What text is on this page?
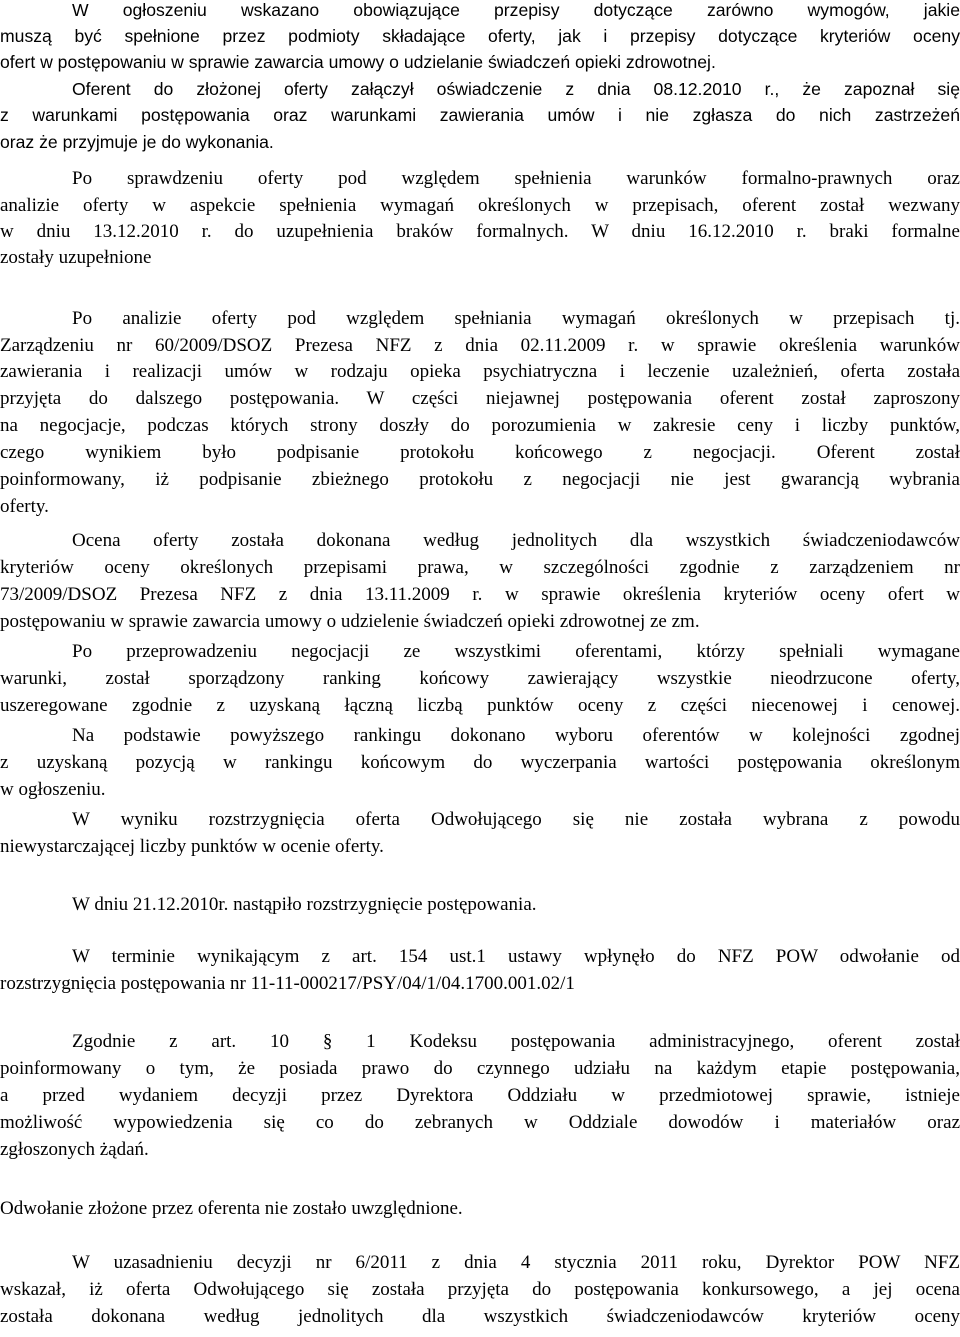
W ogłoszeniu wskazano obowiązujące przepisy dotyczące zarówno wymogów, jakie

muszą być spełnione przez podmioty składające oferty, jak i przepisy dotyczące kryteriów oceny

ofert w postępowaniu w sprawie zawarcia umowy o udzielanie świadczeń opieki zdrowotnej.

Oferent do złożonej oferty załączył oświadczenie z dnia 08.12.2010 r., że zapoznał się

z warunkami postępowania oraz warunkami zawierania umów i nie zgłasza do nich zastrzeżeń

oraz że przyjmuje je do wykonania.

Po sprawdzeniu oferty pod względem spełnienia warunków formalno-prawnych oraz

analizie oferty w aspekcie spełnienia wymagań określonych w przepisach, oferent został wezwany

w dniu 13.12.2010 r. do uzupełnienia braków formalnych. W dniu 16.12.2010 r. braki formalne

zostały uzupełnione

Po analizie oferty pod względem spełniania wymagań określonych w przepisach tj.

Zarządzeniu nr 60/2009/DSOZ Prezesa NFZ z dnia 02.11.2009 r. w sprawie określenia warunków

zawierania i realizacji umów w rodzaju opieka psychiatryczna i leczenie uzależnień, oferta została

przyjęta do dalszego postępowania. W części niejawnej postępowania oferent został zaproszony

na negocjacje, podczas których strony doszły do porozumienia w zakresie ceny i liczby punktów,

czego wynikiem było podpisanie protokołu końcowego z negocjacji. Oferent został

poinformowany, iż podpisanie zbieżnego protokołu z negocjacji nie jest gwarancją wybrania

oferty.

Ocena oferty została dokonana według jednolitych dla wszystkich świadczeniodawców

kryteriów oceny określonych przepisami prawa, w szczególności zgodnie z zarządzeniem nr

73/2009/DSOZ Prezesa NFZ z dnia 13.11.2009 r. w sprawie określenia kryteriów oceny ofert w

postępowaniu w sprawie zawarcia umowy o udzielenie świadczeń opieki zdrowotnej ze zm.

Po przeprowadzeniu negocjacji ze wszystkimi oferentami, którzy spełniali wymagane

warunki, został sporządzony ranking końcowy zawierający wszystkie nieodrzucone oferty,

uszeregowane zgodnie z uzyskaną łączną liczbą punktów oceny z części niecenowej i cenowej.

Na podstawie powyższego rankingu dokonano wyboru oferentów w kolejności zgodnej

z uzyskaną pozycją w rankingu końcowym do wyczerpania wartości postępowania określonym

w ogłoszeniu.

W wyniku rozstrzygnięcia oferta Odwołującego się nie została wybrana z powodu

niewystarczającej liczby punktów w ocenie oferty.

W dniu 21.12.2010r. nastąpiło rozstrzygnięcie postępowania.

W terminie wynikającym z art. 154 ust.1 ustawy wpłynęło do NFZ POW odwołanie od

rozstrzygnięcia postępowania nr 11-11-000217/PSY/04/1/04.1700.001.02/1

Zgodnie z art. 10 § 1 Kodeksu postępowania administracyjnego, oferent został

poinformowany o tym, że posiada prawo do czynnego udziału na każdym etapie postępowania,

a przed wydaniem decyzji przez Dyrektora Oddziału w przedmiotowej sprawie, istnieje

możliwość wypowiedzenia się co do zebranych w Oddziale dowodów i materiałów oraz

zgłoszonych żądań.

Odwołanie złożone przez oferenta nie zostało uwzględnione.

W uzasadnieniu decyzji nr 6/2011 z dnia 4 stycznia 2011 roku, Dyrektor POW NFZ

wskazał, iż oferta Odwołującego się została przyjęta do postępowania konkursowego, a jej ocena

została dokonana według jednolitych dla wszystkich świadczeniodawców kryteriów oceny
